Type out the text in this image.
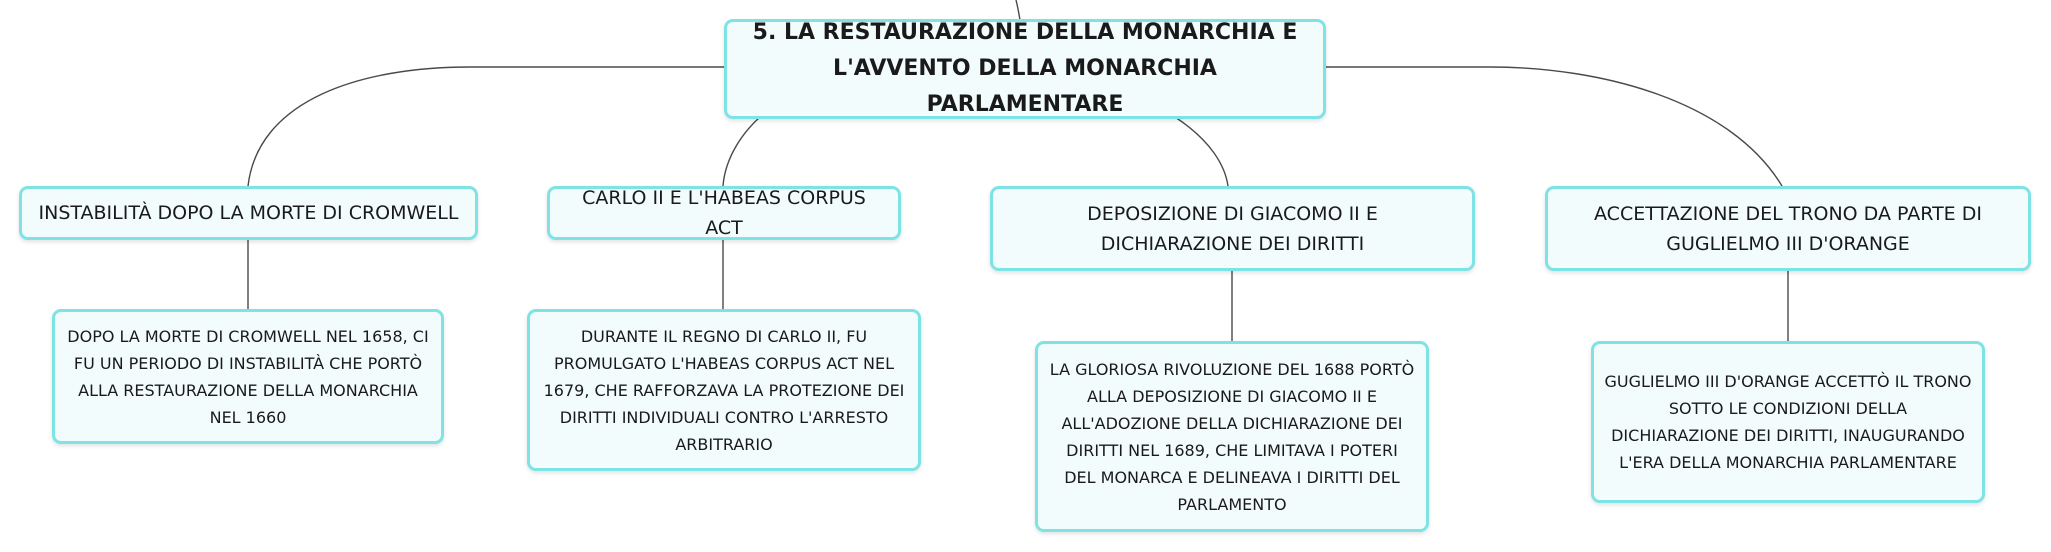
5. LA RESTAURAZIONE DELLA MONARCHIA E L'AVVENTO DELLA MONARCHIA PARLAMENTARE
INSTABILITÀ DOPO LA MORTE DI CROMWELL
CARLO II E L'HABEAS CORPUS ACT
DEPOSIZIONE DI GIACOMO II E DICHIARAZIONE DEI DIRITTI
ACCETTAZIONE DEL TRONO DA PARTE DI GUGLIELMO III D'ORANGE
DOPO LA MORTE DI CROMWELL NEL 1658, CI FU UN PERIODO DI INSTABILITÀ CHE PORTÒ ALLA RESTAURAZIONE DELLA MONARCHIA NEL 1660
DURANTE IL REGNO DI CARLO II, FU PROMULGATO L'HABEAS CORPUS ACT NEL 1679, CHE RAFFORZAVA LA PROTEZIONE DEI DIRITTI INDIVIDUALI CONTRO L'ARRESTO ARBITRARIO
LA GLORIOSA RIVOLUZIONE DEL 1688 PORTÒ ALLA DEPOSIZIONE DI GIACOMO II E ALL'ADOZIONE DELLA DICHIARAZIONE DEI DIRITTI NEL 1689, CHE LIMITAVA I POTERI DEL MONARCA E DELINEAVA I DIRITTI DEL PARLAMENTO
GUGLIELMO III D'ORANGE ACCETTÒ IL TRONO SOTTO LE CONDIZIONI DELLA DICHIARAZIONE DEI DIRITTI, INAUGURANDO L'ERA DELLA MONARCHIA PARLAMENTARE
